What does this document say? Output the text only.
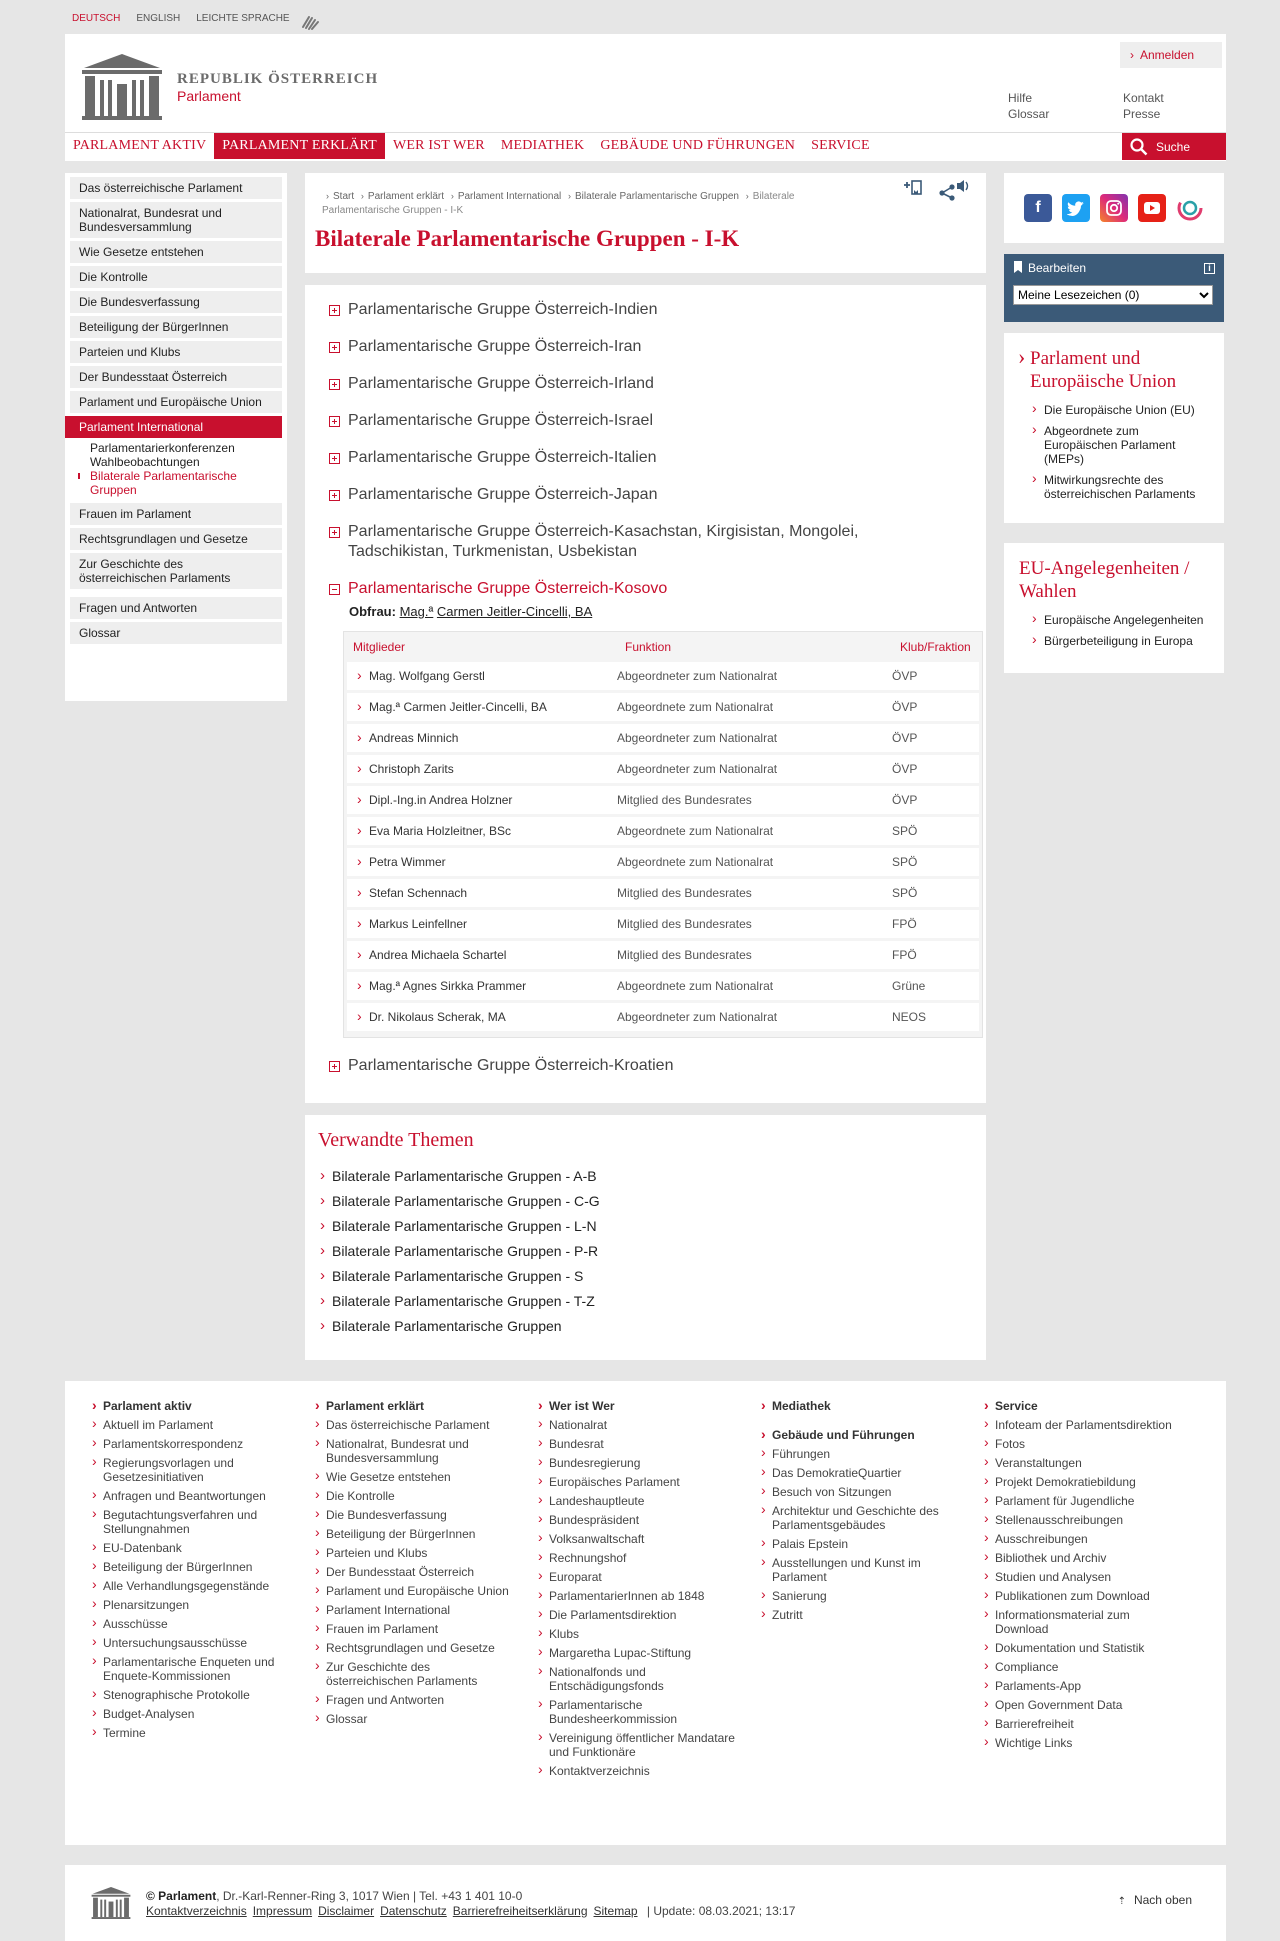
DEUTSCH ENGLISH LEICHTE SPRACHE
REPUBLIK ÖSTERREICH
Parlament
› Anmelden
Hilfe	Kontakt
Glossar	Presse
PARLAMENT AKTIV	PARLAMENT ERKLÄRT	WER IST WER	MEDIATHEK	GEBÄUDE UND FÜHRUNGEN	SERVICE	Suche
Das österreichische Parlament
Nationalrat, Bundesrat und Bundesversammlung
Wie Gesetze entstehen
Die Kontrolle
Die Bundesverfassung
Beteiligung der BürgerInnen
Parteien und Klubs
Der Bundesstaat Österreich
Parlament und Europäische Union
Parlament International
Parlamentarierkonferenzen
Wahlbeobachtungen
Bilaterale Parlamentarische Gruppen
Frauen im Parlament
Rechtsgrundlagen und Gesetze
Zur Geschichte des österreichischen Parlaments
Fragen und Antworten
Glossar
› Start › Parlament erklärt › Parlament International › Bilaterale Parlamentarische Gruppen › Bilaterale Parlamentarische Gruppen - I-K
Bilaterale Parlamentarische Gruppen - I-K
Parlamentarische Gruppe Österreich-Indien
Parlamentarische Gruppe Österreich-Iran
Parlamentarische Gruppe Österreich-Irland
Parlamentarische Gruppe Österreich-Israel
Parlamentarische Gruppe Österreich-Italien
Parlamentarische Gruppe Österreich-Japan
Parlamentarische Gruppe Österreich-Kasachstan, Kirgisistan, Mongolei, Tadschikistan, Turkmenistan, Usbekistan
Parlamentarische Gruppe Österreich-Kosovo
Obfrau: Mag.ª Carmen Jeitler-Cincelli, BA
Mitglieder	Funktion	Klub/Fraktion
› Mag. Wolfgang Gerstl	Abgeordneter zum Nationalrat	ÖVP
› Mag.ª Carmen Jeitler-Cincelli, BA	Abgeordnete zum Nationalrat	ÖVP
› Andreas Minnich	Abgeordneter zum Nationalrat	ÖVP
› Christoph Zarits	Abgeordneter zum Nationalrat	ÖVP
› Dipl.-Ing.in Andrea Holzner	Mitglied des Bundesrates	ÖVP
› Eva Maria Holzleitner, BSc	Abgeordnete zum Nationalrat	SPÖ
› Petra Wimmer	Abgeordnete zum Nationalrat	SPÖ
› Stefan Schennach	Mitglied des Bundesrates	SPÖ
› Markus Leinfellner	Mitglied des Bundesrates	FPÖ
› Andrea Michaela Schartel	Mitglied des Bundesrates	FPÖ
› Mag.ª Agnes Sirkka Prammer	Abgeordnete zum Nationalrat	Grüne
› Dr. Nikolaus Scherak, MA	Abgeordneter zum Nationalrat	NEOS
Parlamentarische Gruppe Österreich-Kroatien
Verwandte Themen
› Bilaterale Parlamentarische Gruppen - A-B
› Bilaterale Parlamentarische Gruppen - C-G
› Bilaterale Parlamentarische Gruppen - L-N
› Bilaterale Parlamentarische Gruppen - P-R
› Bilaterale Parlamentarische Gruppen - S
› Bilaterale Parlamentarische Gruppen - T-Z
› Bilaterale Parlamentarische Gruppen
f
Bearbeiten	i
Meine Lesezeichen (0)
› Parlament und Europäische Union
› Die Europäische Union (EU)
› Abgeordnete zum Europäischen Parlament (MEPs)
› Mitwirkungsrechte des österreichischen Parlaments
EU-Angelegenheiten / Wahlen
› Europäische Angelegenheiten
› Bürgerbeteiligung in Europa
› Parlament aktiv
› Aktuell im Parlament
› Parlamentskorrespondenz
› Regierungsvorlagen und Gesetzesinitiativen
› Anfragen und Beantwortungen
› Begutachtungsverfahren und Stellungnahmen
› EU-Datenbank
› Beteiligung der BürgerInnen
› Alle Verhandlungsgegenstände
› Plenarsitzungen
› Ausschüsse
› Untersuchungsausschüsse
› Parlamentarische Enqueten und Enquete-Kommissionen
› Stenographische Protokolle
› Budget-Analysen
› Termine
› Parlament erklärt
› Das österreichische Parlament
› Nationalrat, Bundesrat und Bundesversammlung
› Wie Gesetze entstehen
› Die Kontrolle
› Die Bundesverfassung
› Beteiligung der BürgerInnen
› Parteien und Klubs
› Der Bundesstaat Österreich
› Parlament und Europäische Union
› Parlament International
› Frauen im Parlament
› Rechtsgrundlagen und Gesetze
› Zur Geschichte des österreichischen Parlaments
› Fragen und Antworten
› Glossar
› Wer ist Wer
› Nationalrat
› Bundesrat
› Bundesregierung
› Europäisches Parlament
› Landeshauptleute
› Bundespräsident
› Volksanwaltschaft
› Rechnungshof
› Europarat
› ParlamentarierInnen ab 1848
› Die Parlamentsdirektion
› Klubs
› Margaretha Lupac-Stiftung
› Nationalfonds und Entschädigungsfonds
› Parlamentarische Bundesheerkommission
› Vereinigung öffentlicher Mandatare und Funktionäre
› Kontaktverzeichnis
› Mediathek
› Gebäude und Führungen
› Führungen
› Das DemokratieQuartier
› Besuch von Sitzungen
› Architektur und Geschichte des Parlamentsgebäudes
› Palais Epstein
› Ausstellungen und Kunst im Parlament
› Sanierung
› Zutritt
› Service
› Infoteam der Parlamentsdirektion
› Fotos
› Veranstaltungen
› Projekt Demokratiebildung
› Parlament für Jugendliche
› Stellenausschreibungen
› Ausschreibungen
› Bibliothek und Archiv
› Studien und Analysen
› Publikationen zum Download
› Informationsmaterial zum Download
› Dokumentation und Statistik
› Compliance
› Parlaments-App
› Open Government Data
› Barrierefreiheit
› Wichtige Links
© Parlament, Dr.-Karl-Renner-Ring 3, 1017 Wien | Tel. +43 1 401 10-0
Kontaktverzeichnis Impressum Disclaimer Datenschutz Barrierefreiheitserklärung Sitemap | Update: 08.03.2021; 13:17
⇡ Nach oben
